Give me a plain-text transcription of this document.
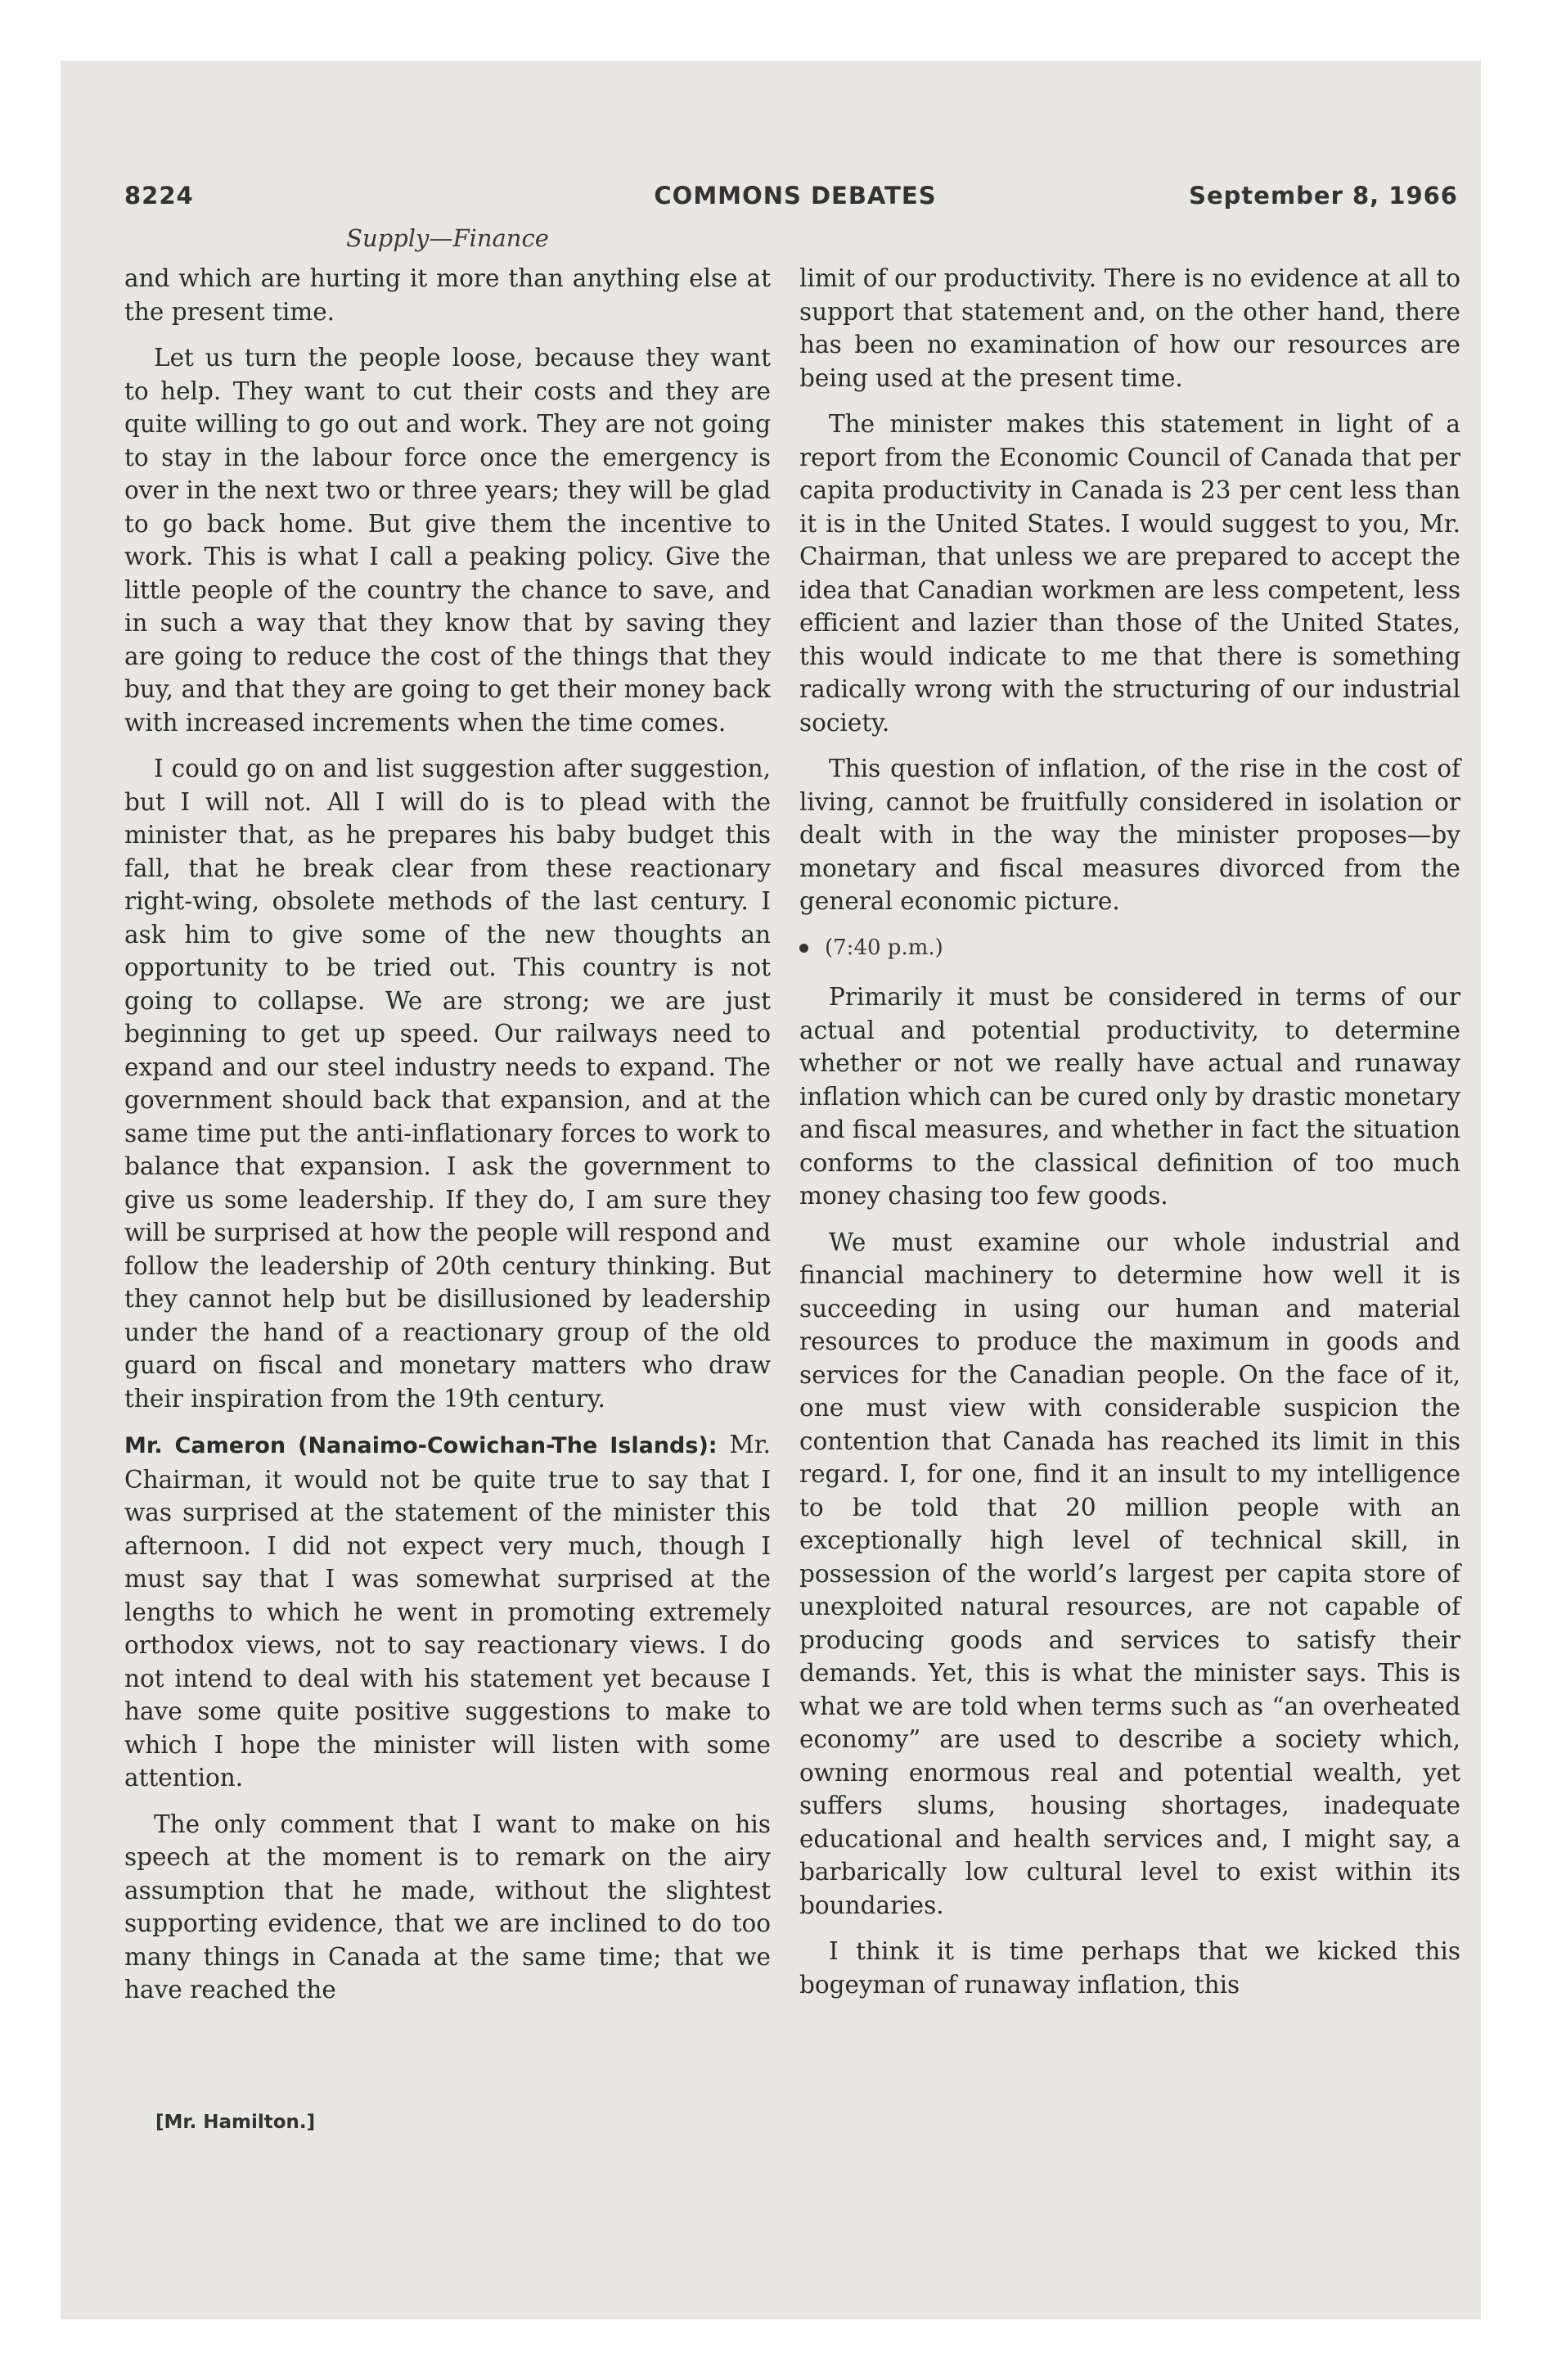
8224	COMMONS DEBATES	September 8, 1966
Supply—Finance

and which are hurting it more than anything else at the present time.

Let us turn the people loose, because they want to help. They want to cut their costs and they are quite willing to go out and work. They are not going to stay in the labour force once the emergency is over in the next two or three years; they will be glad to go back home. But give them the incentive to work. This is what I call a peaking policy. Give the little people of the country the chance to save, and in such a way that they know that by saving they are going to reduce the cost of the things that they buy, and that they are going to get their money back with increased increments when the time comes.

I could go on and list suggestion after suggestion, but I will not. All I will do is to plead with the minister that, as he prepares his baby budget this fall, that he break clear from these reactionary right-wing, obsolete methods of the last century. I ask him to give some of the new thoughts an opportunity to be tried out. This country is not going to collapse. We are strong; we are just beginning to get up speed. Our railways need to expand and our steel industry needs to expand. The government should back that expansion, and at the same time put the anti-inflationary forces to work to balance that expansion. I ask the government to give us some leadership. If they do, I am sure they will be surprised at how the people will respond and follow the leadership of 20th century thinking. But they cannot help but be disillusioned by leadership under the hand of a reactionary group of the old guard on fiscal and monetary matters who draw their inspiration from the 19th century.

Mr. Cameron (Nanaimo-Cowichan-The Islands): Mr. Chairman, it would not be quite true to say that I was surprised at the statement of the minister this afternoon. I did not expect very much, though I must say that I was somewhat surprised at the lengths to which he went in promoting extremely orthodox views, not to say reactionary views. I do not intend to deal with his statement yet because I have some quite positive suggestions to make to which I hope the minister will listen with some attention.

The only comment that I want to make on his speech at the moment is to remark on the airy assumption that he made, without the slightest supporting evidence, that we are inclined to do too many things in Canada at the same time; that we have reached the

limit of our productivity. There is no evidence at all to support that statement and, on the other hand, there has been no examination of how our resources are being used at the present time.

The minister makes this statement in light of a report from the Economic Council of Canada that per capita productivity in Canada is 23 per cent less than it is in the United States. I would suggest to you, Mr. Chairman, that unless we are prepared to accept the idea that Canadian workmen are less competent, less efficient and lazier than those of the United States, this would indicate to me that there is something radically wrong with the structuring of our industrial society.

This question of inflation, of the rise in the cost of living, cannot be fruitfully considered in isolation or dealt with in the way the minister proposes—by monetary and fiscal measures divorced from the general economic picture.

(7:40 p.m.)

Primarily it must be considered in terms of our actual and potential productivity, to determine whether or not we really have actual and runaway inflation which can be cured only by drastic monetary and fiscal measures, and whether in fact the situation conforms to the classical definition of too much money chasing too few goods.

We must examine our whole industrial and financial machinery to determine how well it is succeeding in using our human and material resources to produce the maximum in goods and services for the Canadian people. On the face of it, one must view with considerable suspicion the contention that Canada has reached its limit in this regard. I, for one, find it an insult to my intelligence to be told that 20 million people with an exceptionally high level of technical skill, in possession of the world’s largest per capita store of unexploited natural resources, are not capable of producing goods and services to satisfy their demands. Yet, this is what the minister says. This is what we are told when terms such as “an overheated economy” are used to describe a society which, owning enormous real and potential wealth, yet suffers slums, housing shortages, inadequate educational and health services and, I might say, a barbarically low cultural level to exist within its boundaries.

I think it is time perhaps that we kicked this bogeyman of runaway inflation, this

[Mr. Hamilton.]
